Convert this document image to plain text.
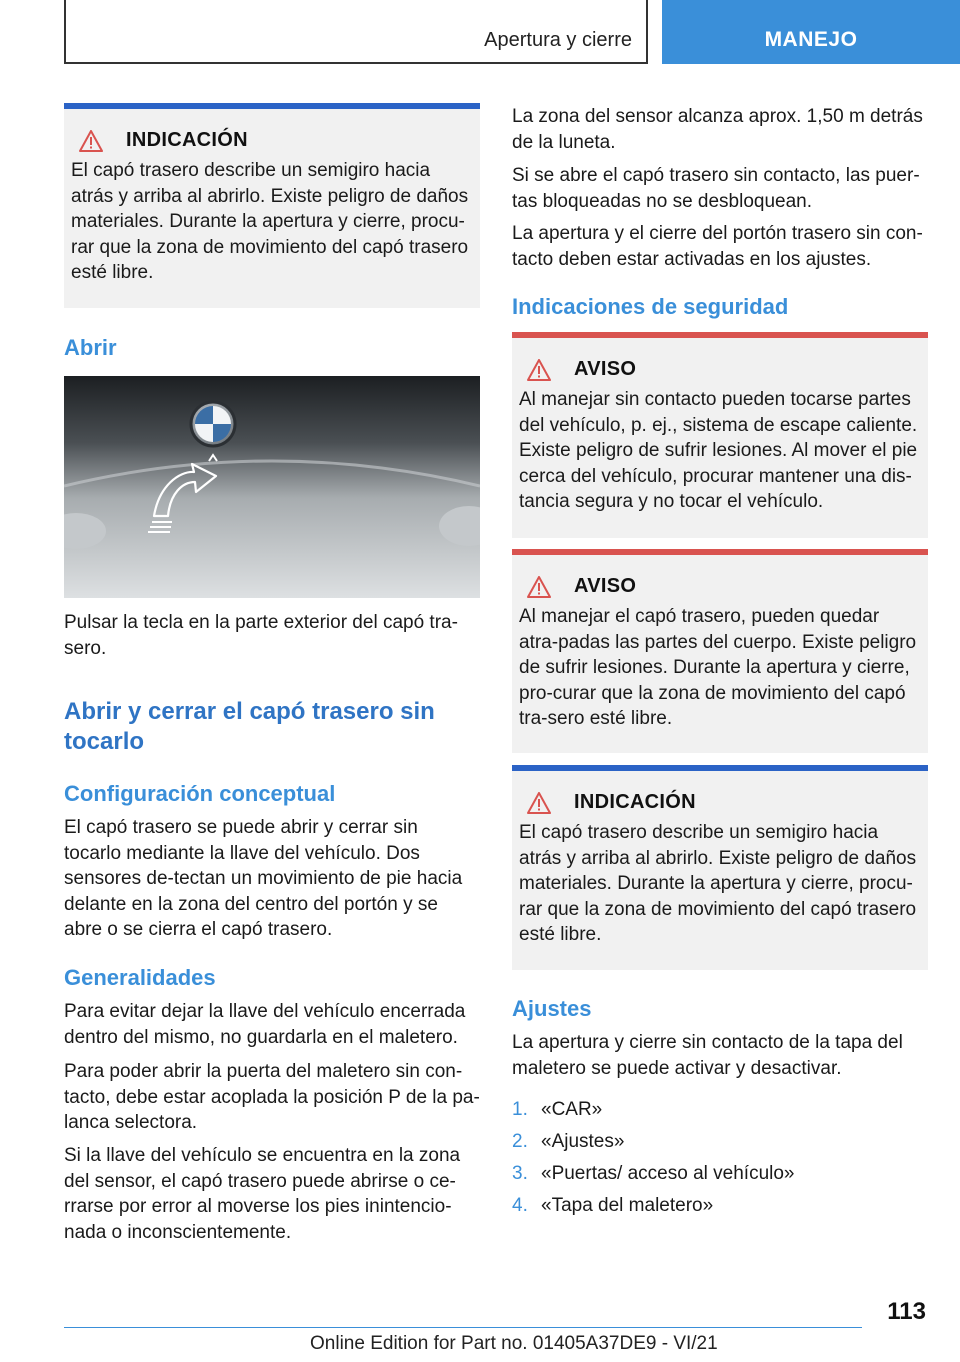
Apertura y cierre	MANEJO
INDICACIÓN

El capó trasero describe un semigiro hacia atrás y arriba al abrirlo. Existe peligro de daños materiales. Durante la apertura y cierre, procu-rar que la zona de movimiento del capó trasero esté libre.

Abrir

Pulsar la tecla en la parte exterior del capó tra-sero.

Abrir y cerrar el capó trasero sin tocarlo
Configuración conceptual

El capó trasero se puede abrir y cerrar sin tocarlo mediante la llave del vehículo. Dos sensores de-tectan un movimiento de pie hacia delante en la zona del centro del portón y se abre o se cierra el capó trasero.

Generalidades

Para evitar dejar la llave del vehículo encerrada dentro del mismo, no guardarla en el maletero.

Para poder abrir la puerta del maletero sin con-tacto, debe estar acoplada la posición P de la pa-lanca selectora.

Si la llave del vehículo se encuentra en la zona del sensor, el capó trasero puede abrirse o ce-rrarse por error al moverse los pies inintencio-nada o inconscientemente.

La zona del sensor alcanza aprox. 1,50 m detrás de la luneta.

Si se abre el capó trasero sin contacto, las puer-tas bloqueadas no se desbloquean.

La apertura y el cierre del portón trasero sin con-tacto deben estar activadas en los ajustes.

Indicaciones de seguridad
AVISO

Al manejar sin contacto pueden tocarse partes del vehículo, p. ej., sistema de escape caliente. Existe peligro de sufrir lesiones. Al mover el pie cerca del vehículo, procurar mantener una dis-tancia segura y no tocar el vehículo.

AVISO

Al manejar el capó trasero, pueden quedar atra-padas las partes del cuerpo. Existe peligro de sufrir lesiones. Durante la apertura y cierre, pro-curar que la zona de movimiento del capó tra-sero esté libre.

INDICACIÓN

El capó trasero describe un semigiro hacia atrás y arriba al abrirlo. Existe peligro de daños materiales. Durante la apertura y cierre, procu-rar que la zona de movimiento del capó trasero esté libre.

Ajustes

La apertura y cierre sin contacto de la tapa del maletero se puede activar y desactivar.

1. «CAR»
2. «Ajustes»
3. «Puertas/ acceso al vehículo»
4. «Tapa del maletero»
113
Online Edition for Part no. 01405A37DE9 - VI/21
